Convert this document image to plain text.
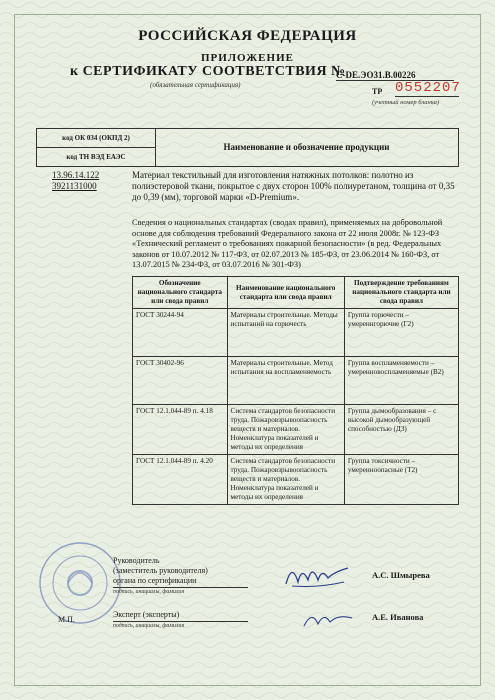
РОССИЙСКАЯ ФЕДЕРАЦИЯ
ПРИЛОЖЕНИЕ
к СЕРТИФИКАТУ СООТВЕТСТВИЯ №
C-DE.ЭО31.В.00226
(обязательная сертификация)
ТР 0552207
(учетный номер бланка)
код ОК 034 (ОКПД 2)
код ТН ВЭД ЕАЭС
Наименование и обозначение продукции
13.96.14.122
3921131000
Материал текстильный для изготовления натяжных потолков: полотно из полиэстеровой ткани, покрытое с двух сторон 100% полиуретаном, толщина от 0,35 до 0,39 (мм), торговой марки «D-Premium».
Сведения о национальных стандартах (сводах правил), применяемых на добровольной основе для соблюдения требований Федерального закона от 22 июля 2008г. № 123-ФЗ «Технический регламент о требованиях пожарной безопасности» (в ред. Федеральных законов от 10.07.2012 № 117-ФЗ, от 02.07.2013 № 185-ФЗ, от 23.06.2014 № 160-ФЗ, от 13.07.2015 № 234-ФЗ, от 03.07.2016 № 301-ФЗ)
Обозначение национального стандарта или свода правил	Наименование национального стандарта или свода правил	Подтверждение требованиям национального стандарта или свода правил
ГОСТ 30244-94	Материалы строительные. Методы испытаний на горючесть	Группа горючести – умереннгорючие (Г2)
ГОСТ 30402-96	Материалы строительные. Метод испытания на воспламеняемость	Группа воспламеняемости – умеренновоспламеняемые (В2)
ГОСТ 12.1.044-89 п. 4.18	Система стандартов безопасности труда. Пожаровзрывоопасность веществ и материалов. Номенклатура показателей и методы их определения	Группа дымообразования – с высокой дымообразующей способностью (Д3)
ГОСТ 12.1.044-89 п. 4.20	Система стандартов безопасности труда. Пожаровзрывоопасность веществ и материалов. Номенклатура показателей и методы их определения	Группа токсичности – умеренноопасные (Т2)
М.П.
Руководитель
(заместитель руководителя)
органа по сертификации
подпись, инициалы, фамилия
А.С. Шмырева
Эксперт (эксперты)
подпись, инициалы, фамилия
А.Е. Иванова
